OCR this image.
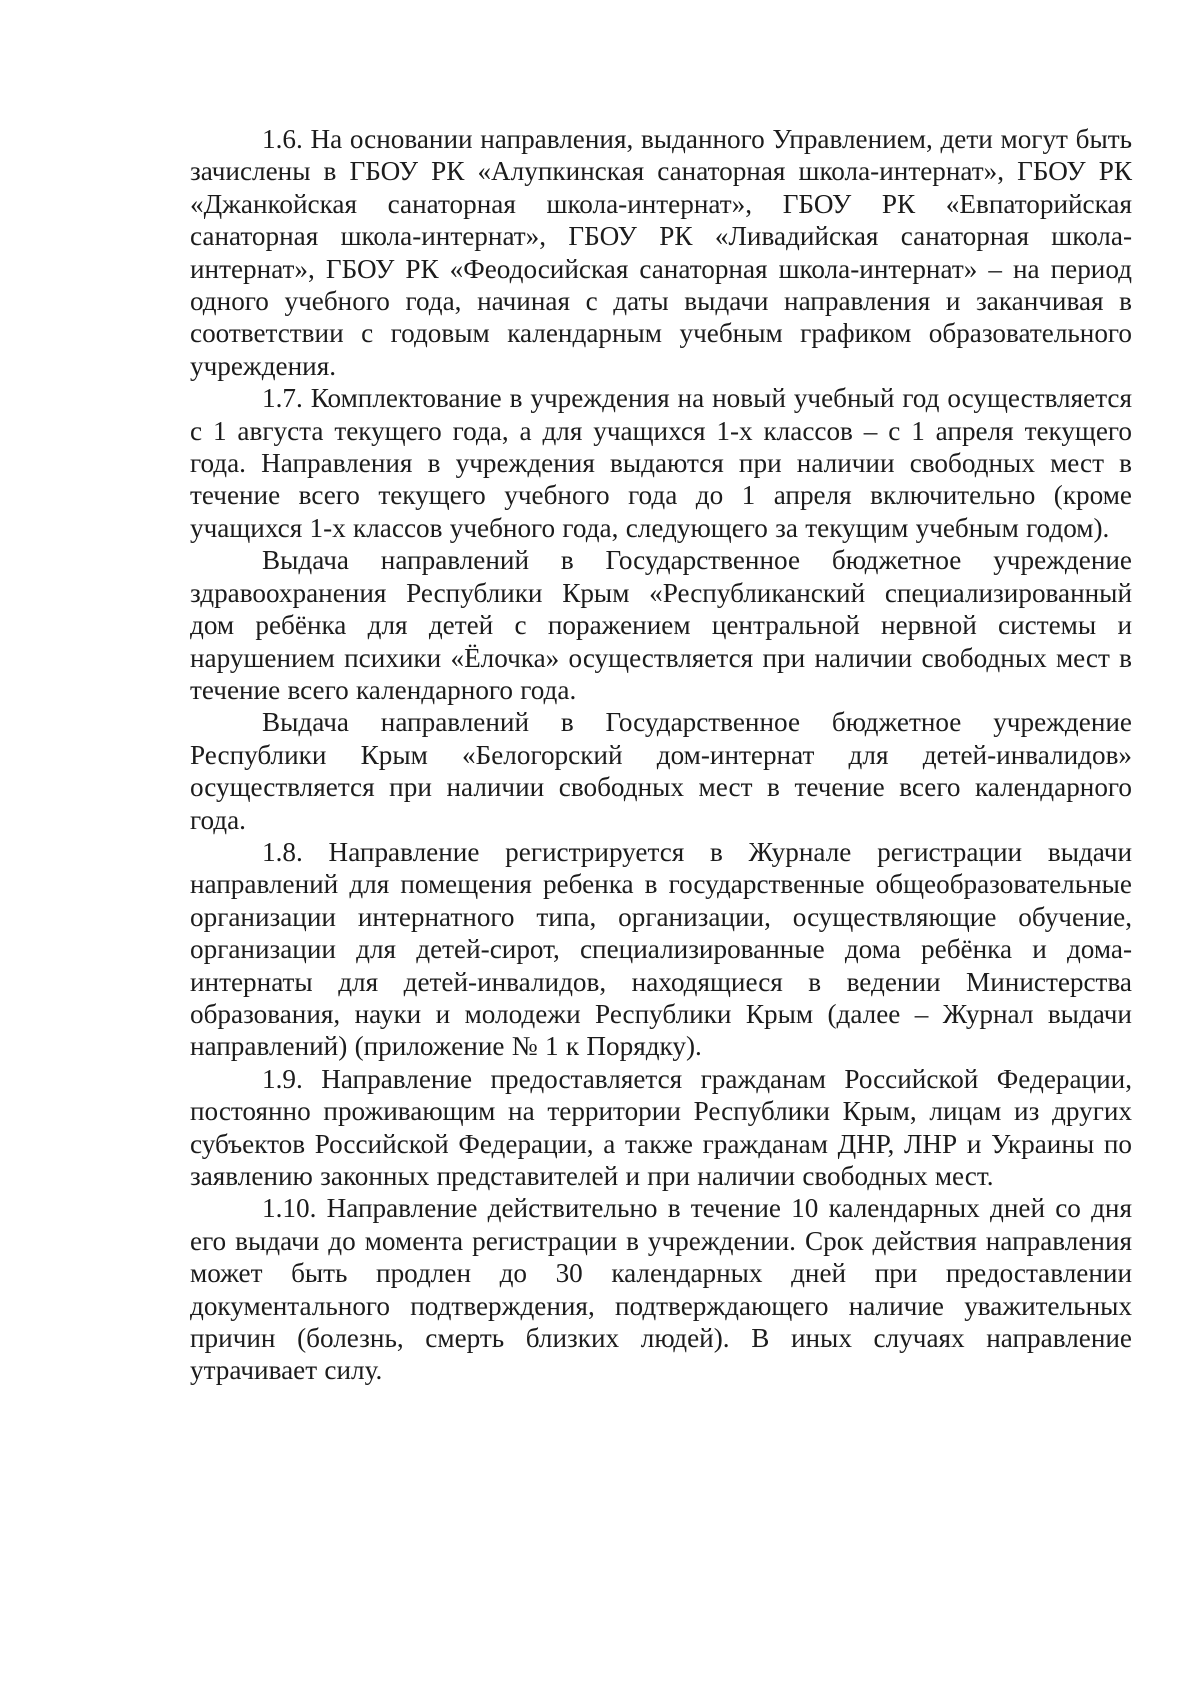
1.6. На основании направления, выданного Управлением, дети могут быть зачислены в ГБОУ РК «Алупкинская санаторная школа-интернат», ГБОУ РК «Джанкойская санаторная школа-интернат», ГБОУ РК «Евпаторийская санаторная школа-интернат», ГБОУ РК «Ливадийская санаторная школа-интернат», ГБОУ РК «Феодосийская санаторная школа-интернат» – на период одного учебного года, начиная с даты выдачи направления и заканчивая в соответствии с годовым календарным учебным графиком образовательного учреждения.

1.7. Комплектование в учреждения на новый учебный год осуществляется с 1 августа текущего года, а для учащихся 1-х классов – с 1 апреля текущего года. Направления в учреждения выдаются при наличии свободных мест в течение всего текущего учебного года до 1 апреля включительно (кроме учащихся 1-х классов учебного года, следующего за текущим учебным годом).

Выдача направлений в Государственное бюджетное учреждение здравоохранения Республики Крым «Республиканский специализированный дом ребёнка для детей с поражением центральной нервной системы и нарушением психики «Ёлочка» осуществляется при наличии свободных мест в течение всего календарного года.

Выдача направлений в Государственное бюджетное учреждение Республики Крым «Белогорский дом-интернат для детей-инвалидов» осуществляется при наличии свободных мест в течение всего календарного года.

1.8. Направление регистрируется в Журнале регистрации выдачи направлений для помещения ребенка в государственные общеобразовательные организации интернатного типа, организации, осуществляющие обучение, организации для детей-сирот, специализированные дома ребёнка и дома-интернаты для детей-инвалидов, находящиеся в ведении Министерства образования, науки и молодежи Республики Крым (далее – Журнал выдачи направлений) (приложение № 1 к Порядку).

1.9. Направление предоставляется гражданам Российской Федерации, постоянно проживающим на территории Республики Крым, лицам из других субъектов Российской Федерации, а также гражданам ДНР, ЛНР и Украины по заявлению законных представителей и при наличии свободных мест.

1.10. Направление действительно в течение 10 календарных дней со дня его выдачи до момента регистрации в учреждении. Срок действия направления может быть продлен до 30 календарных дней при предоставлении документального подтверждения, подтверждающего наличие уважительных причин (болезнь, смерть близких людей). В иных случаях направление утрачивает силу.
